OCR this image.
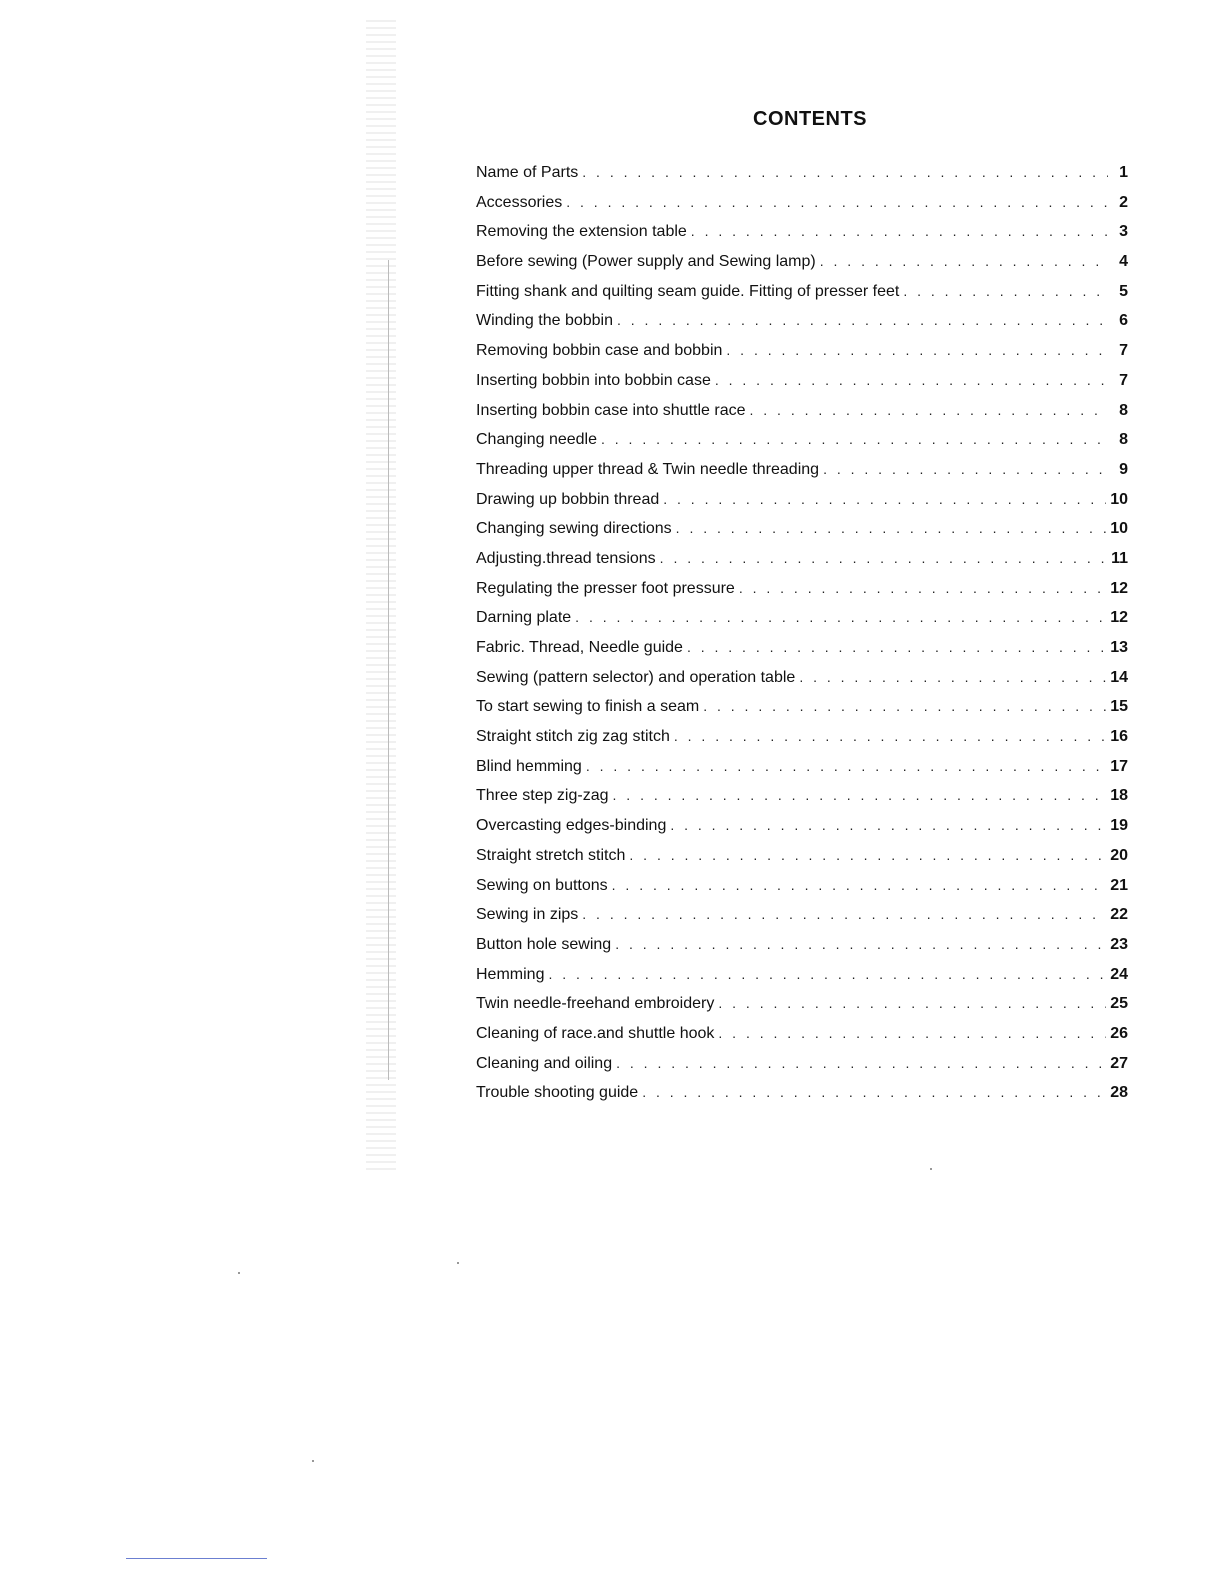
CONTENTS
Name of Parts . . .	1
Accessories . . .	2
Removing the extension table . . .	3
Before sewing (Power supply and Sewing lamp) . . .	4
Fitting shank and quilting seam guide. Fitting of presser feet . . .	5
Winding the bobbin . . .	6
Removing bobbin case and bobbin . . .	7
Inserting bobbin into bobbin case . . .	7
Inserting bobbin case into shuttle race . . .	8
Changing needle . . .	8
Threading upper thread & Twin needle threading . . .	9
Drawing up bobbin thread . . .	10
Changing sewing directions . . .	10
Adjusting.thread tensions . . .	11
Regulating the presser foot pressure . . .	12
Darning plate . . .	12
Fabric. Thread, Needle guide . . .	13
Sewing (pattern selector) and operation table . . .	14
To start sewing to finish a seam . . .	15
Straight stitch zig zag stitch . . .	16
Blind hemming . . .	17
Three step zig-zag . . .	18
Overcasting edges-binding . . .	19
Straight stretch stitch . . .	20
Sewing on buttons . . .	21
Sewing in zips . . .	22
Button hole sewing . . .	23
Hemming . . .	24
Twin needle-freehand embroidery . . .	25
Cleaning of race.and shuttle hook . . .	26
Cleaning and oiling . . .	27
Trouble shooting guide . . .	28
